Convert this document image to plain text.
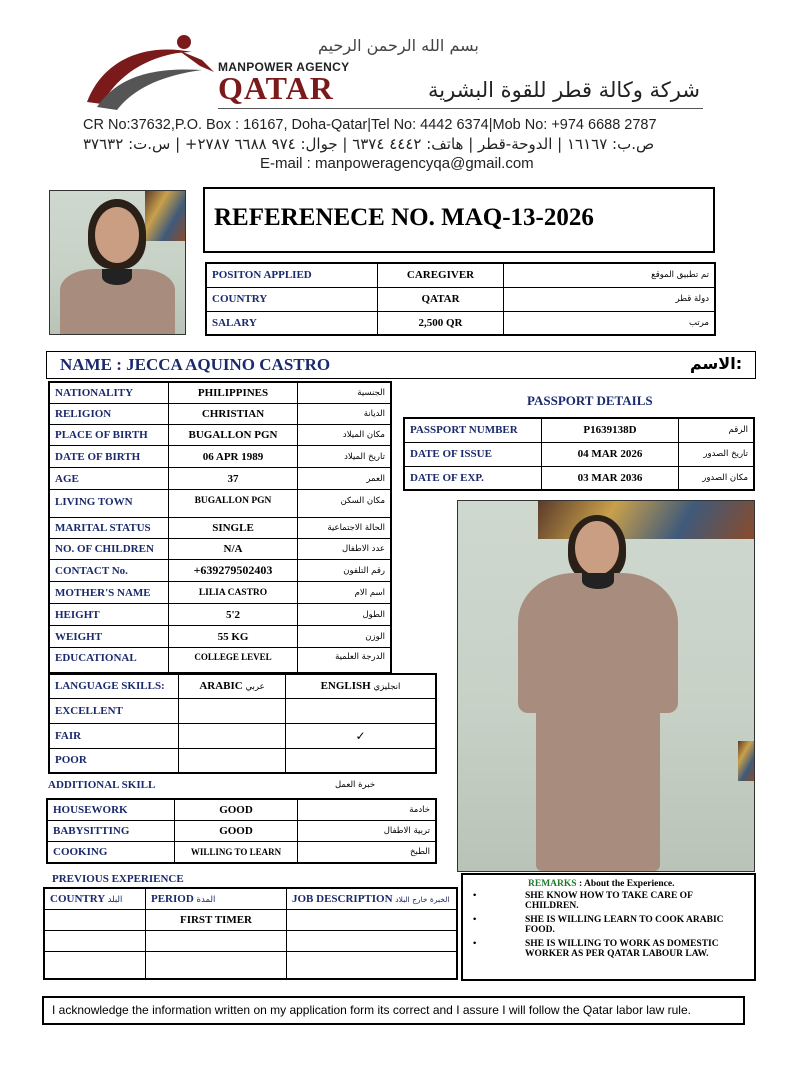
بسم الله الرحمن الرحيم
MANPOWER AGENCY
QATAR	شركة وكالة قطر للقوة البشرية
CR No:37632,P.O. Box : 16167, Doha-Qatar|Tel No: 4442 6374|Mob No: +974 6688 2787
ص.ب: ١٦١٦٧ | الدوحة-قطر | هاتف: ٤٤٤٢ ٦٣٧٤ | جوال: ٩٧٤ ٦٦٨٨ ٢٧٨٧+ | س.ت: ٣٧٦٣٢
E-mail : manpoweragencyqa@gmail.com
REFERENECE NO. MAQ-13-2026
POSITON APPLIED	CAREGIVER	تم تطبيق الموقع
COUNTRY	QATAR	دولة قطر
SALARY	2,500 QR	مرتب
NAME : JECCA AQUINO CASTRO	الاسم:
NATIONALITY	PHILIPPINES	الجنسية
RELIGION	CHRISTIAN	الديانة
PLACE OF BIRTH	BUGALLON PGN	مكان الميلاد
DATE OF BIRTH	06 APR 1989	تاريخ الميلاد
AGE	37	العمر
LIVING TOWN	BUGALLON PGN	مكان السكن
MARITAL STATUS	SINGLE	الحالة الاجتماعية
NO. OF CHILDREN	N/A	عدد الاطفال
CONTACT No.	+639279502403	رقم التلفون
MOTHER'S NAME	LILIA CASTRO	اسم الام
HEIGHT	5'2	الطول
WEIGHT	55 KG	الوزن
EDUCATIONAL	COLLEGE LEVEL	الدرجة العلمية
PASSPORT DETAILS
PASSPORT NUMBER	P1639138D	الرقم
DATE OF ISSUE	04 MAR 2026	تاريخ الصدور
DATE OF EXP.	03 MAR 2036	مكان الصدور
LANGUAGE SKILLS:	ARABIC عربي	ENGLISH انجليزي
EXCELLENT		
FAIR		✓
POOR		
ADDITIONAL SKILL	خبرة العمل
HOUSEWORK	GOOD	خادمة
BABYSITTING	GOOD	تربية الاطفال
COOKING	WILLING TO LEARN	الطبخ
PREVIOUS EXPERIENCE
COUNTRY البلد	PERIOD المدة	JOB DESCRIPTION الخبرة خارج البلاد
	FIRST TIMER	

REMARKS : About the Experience.
• SHE KNOW HOW TO TAKE CARE OF CHILDREN.
• SHE IS WILLING LEARN TO COOK ARABIC FOOD.
• SHE IS WILLING TO WORK AS DOMESTIC WORKER AS PER QATAR LABOUR LAW.
I acknowledge the information written on my application form its correct and I assure I will follow the Qatar labor law rule.
